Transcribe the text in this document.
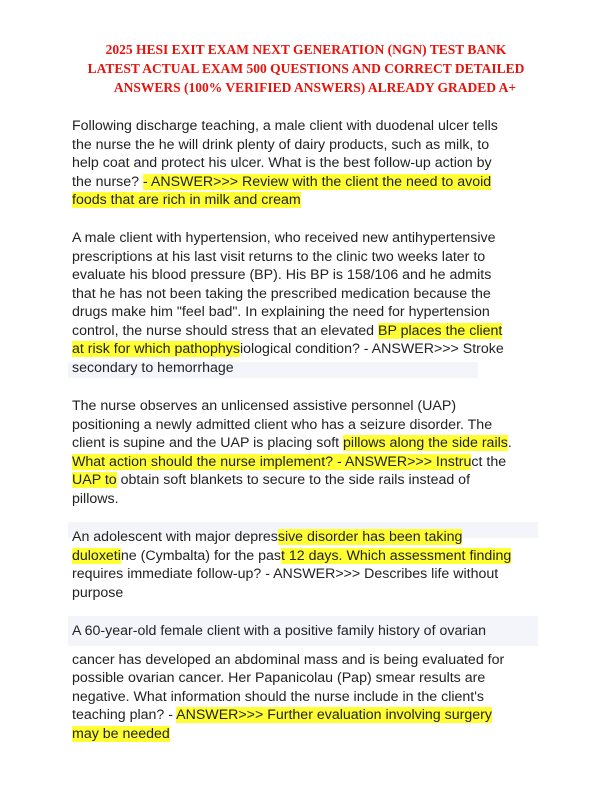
2025 HESI EXIT EXAM NEXT GENERATION (NGN) TEST BANK
LATEST ACTUAL EXAM 500 QUESTIONS AND CORRECT DETAILED
ANSWERS (100% VERIFIED ANSWERS) ALREADY GRADED A+
Following discharge teaching, a male client with duodenal ulcer tells
the nurse the he will drink plenty of dairy products, such as milk, to
help coat and protect his ulcer. What is the best follow-up action by
the nurse? - ANSWER>>> Review with the client the need to avoid
foods that are rich in milk and cream
A male client with hypertension, who received new antihypertensive
prescriptions at his last visit returns to the clinic two weeks later to
evaluate his blood pressure (BP). His BP is 158/106 and he admits
that he has not been taking the prescribed medication because the
drugs make him "feel bad". In explaining the need for hypertension
control, the nurse should stress that an elevated BP places the client
at risk for which pathophysiological condition? - ANSWER>>> Stroke
secondary to hemorrhage
The nurse observes an unlicensed assistive personnel (UAP)
positioning a newly admitted client who has a seizure disorder. The
client is supine and the UAP is placing soft pillows along the side rails.
What action should the nurse implement? - ANSWER>>> Instruct the
UAP to obtain soft blankets to secure to the side rails instead of
pillows.
An adolescent with major depressive disorder has been taking
duloxetine (Cymbalta) for the past 12 days. Which assessment finding
requires immediate follow-up? - ANSWER>>> Describes life without
purpose
A 60-year-old female client with a positive family history of ovarian
cancer has developed an abdominal mass and is being evaluated for
possible ovarian cancer. Her Papanicolau (Pap) smear results are
negative. What information should the nurse include in the client's
teaching plan? - ANSWER>>> Further evaluation involving surgery
may be needed
